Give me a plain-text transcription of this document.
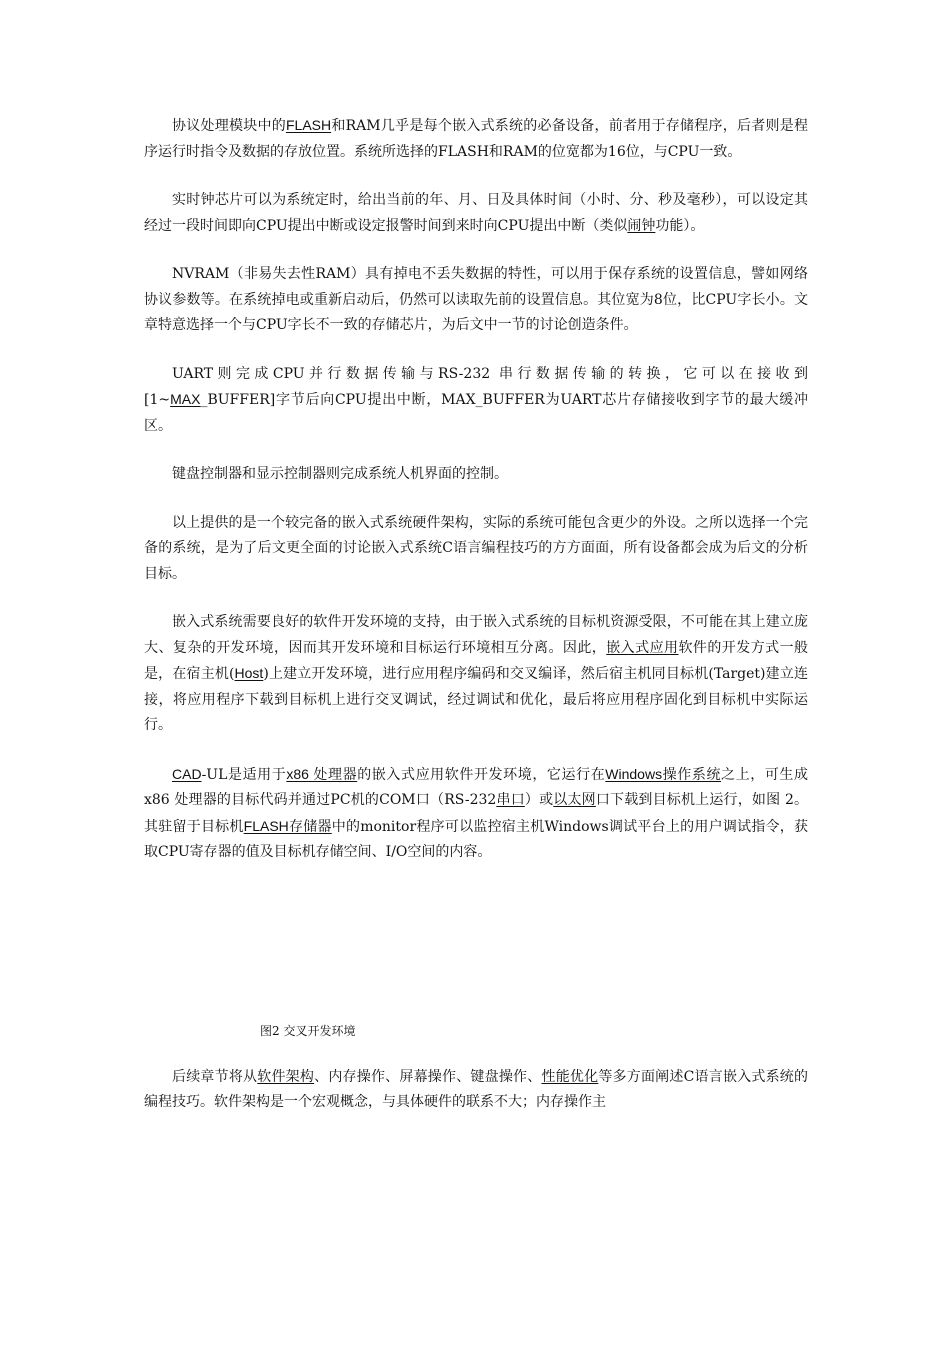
协议处理模块中的FLASH和RAM几乎是每个嵌入式系统的必备设备，前者用于存储程序，后者则是程序运行时指令及数据的存放位置。系统所选择的FLASH和RAM的位宽都为16位，与CPU一致。

实时钟芯片可以为系统定时，给出当前的年、月、日及具体时间（小时、分、秒及毫秒），可以设定其经过一段时间即向CPU提出中断或设定报警时间到来时向CPU提出中断（类似闹钟功能）。

NVRAM（非易失去性RAM）具有掉电不丢失数据的特性，可以用于保存系统的设置信息，譬如网络协议参数等。在系统掉电或重新启动后，仍然可以读取先前的设置信息。其位宽为8位，比CPU字长小。文章特意选择一个与CPU字长不一致的存储芯片，为后文中一节的讨论创造条件。

UART则完成CPU并行数据传输与RS-232 串行数据传输的转换，它可以在接收到[1~MAX_BUFFER]字节后向CPU提出中断，MAX_BUFFER为UART芯片存储接收到字节的最大缓冲区。

键盘控制器和显示控制器则完成系统人机界面的控制。

以上提供的是一个较完备的嵌入式系统硬件架构，实际的系统可能包含更少的外设。之所以选择一个完备的系统，是为了后文更全面的讨论嵌入式系统C语言编程技巧的方方面面，所有设备都会成为后文的分析目标。

嵌入式系统需要良好的软件开发环境的支持，由于嵌入式系统的目标机资源受限，不可能在其上建立庞大、复杂的开发环境，因而其开发环境和目标运行环境相互分离。因此，嵌入式应用软件的开发方式一般是，在宿主机(Host)上建立开发环境，进行应用程序编码和交叉编译，然后宿主机同目标机(Target)建立连接，将应用程序下载到目标机上进行交叉调试，经过调试和优化，最后将应用程序固化到目标机中实际运行。

CAD-UL是适用于x86 处理器的嵌入式应用软件开发环境，它运行在Windows操作系统之上，可生成x86 处理器的目标代码并通过PC机的COM口（RS-232串口）或以太网口下载到目标机上运行，如图 2。其驻留于目标机FLASH存储器中的monitor程序可以监控宿主机Windows调试平台上的用户调试指令，获取CPU寄存器的值及目标机存储空间、I/O空间的内容。

图2 交叉开发环境

后续章节将从软件架构、内存操作、屏幕操作、键盘操作、性能优化等多方面阐述C语言嵌入式系统的编程技巧。软件架构是一个宏观概念，与具体硬件的联系不大；内存操作主
